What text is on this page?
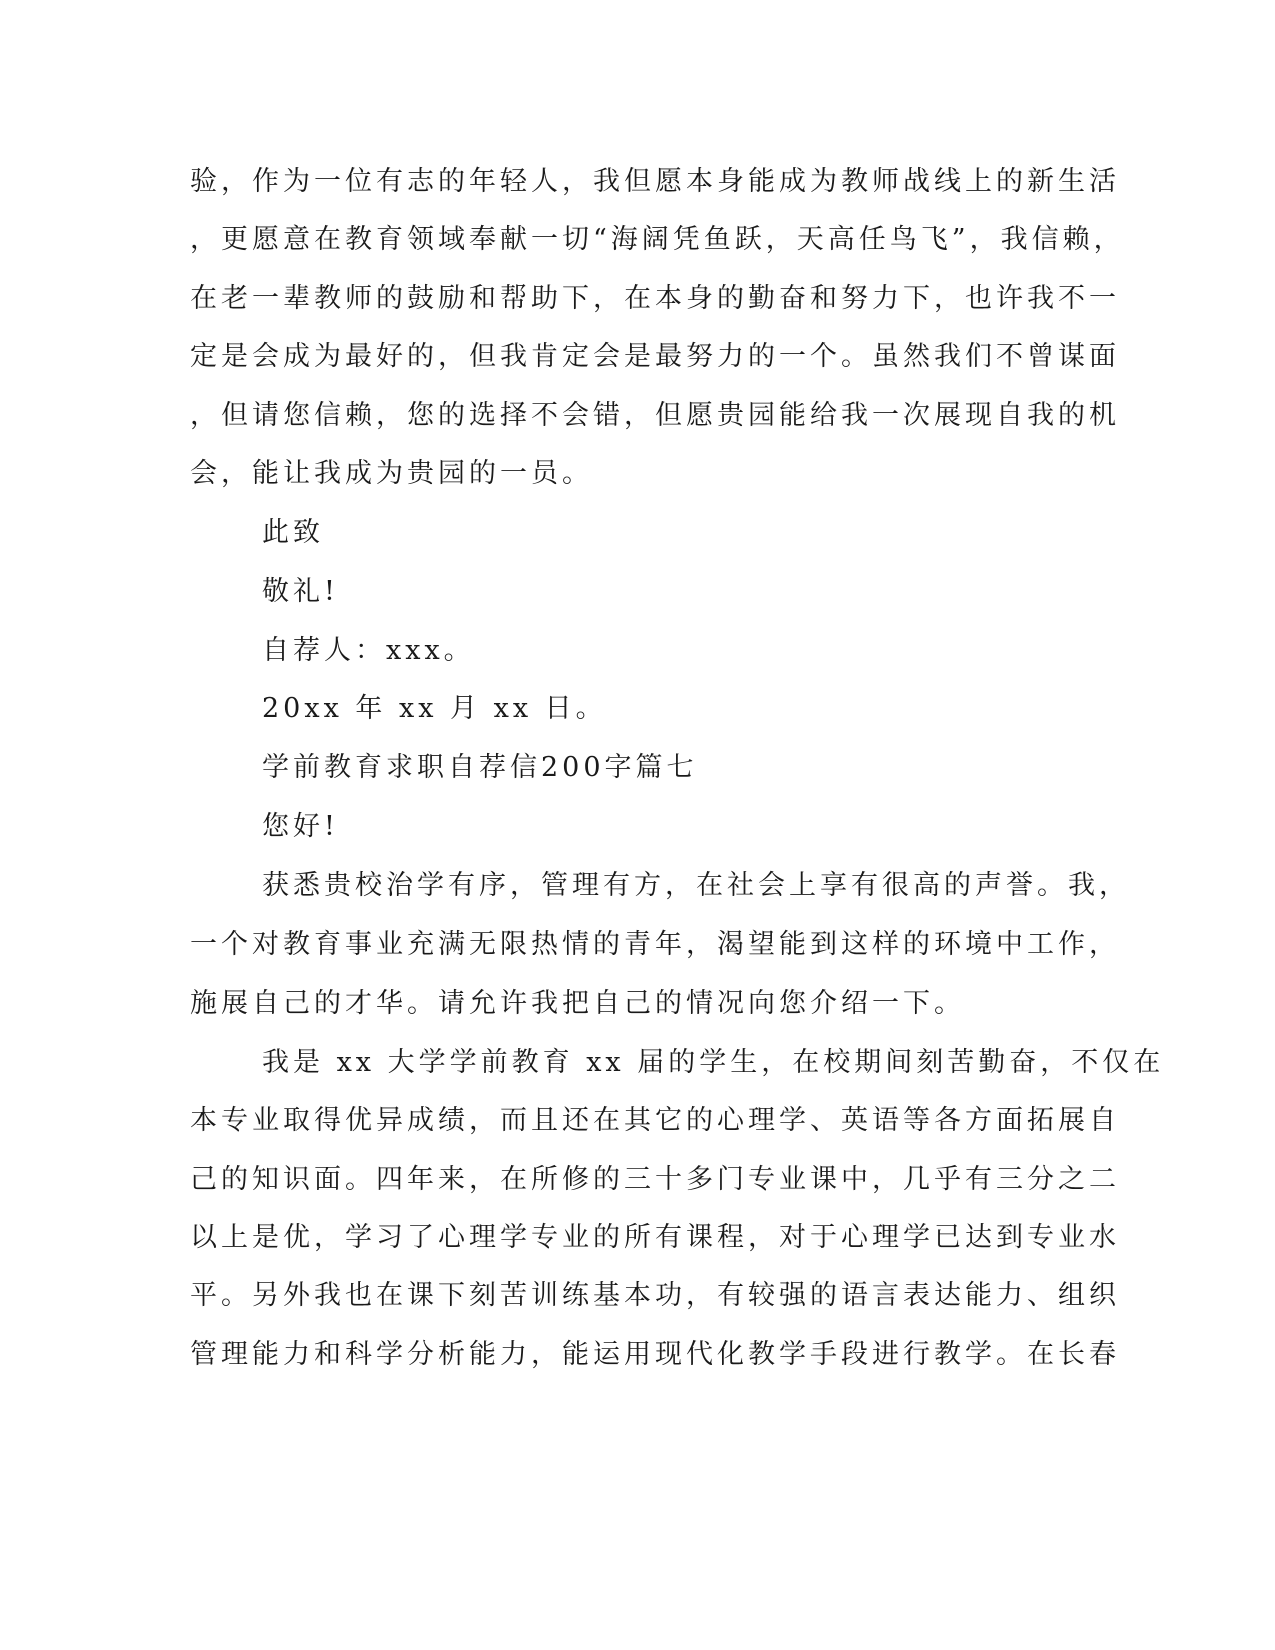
验，作为一位有志的年轻人，我但愿本身能成为教师战线上的新生活
，更愿意在教育领域奉献一切“海阔凭鱼跃，天高任鸟飞”，我信赖，
在老一辈教师的鼓励和帮助下，在本身的勤奋和努力下，也许我不一
定是会成为最好的，但我肯定会是最努力的一个。虽然我们不曾谋面
，但请您信赖，您的选择不会错，但愿贵园能给我一次展现自我的机
会，能让我成为贵园的一员。
此致
敬礼!
自荐人：xxx。
20xx 年 xx 月 xx 日。
学前教育求职自荐信200字篇七
您好!
获悉贵校治学有序，管理有方，在社会上享有很高的声誉。我，
一个对教育事业充满无限热情的青年，渴望能到这样的环境中工作，
施展自己的才华。请允许我把自己的情况向您介绍一下。
我是 xx 大学学前教育 xx 届的学生，在校期间刻苦勤奋，不仅在
本专业取得优异成绩，而且还在其它的心理学、英语等各方面拓展自
己的知识面。四年来，在所修的三十多门专业课中，几乎有三分之二
以上是优，学习了心理学专业的所有课程，对于心理学已达到专业水
平。另外我也在课下刻苦训练基本功，有较强的语言表达能力、组织
管理能力和科学分析能力，能运用现代化教学手段进行教学。在长春
